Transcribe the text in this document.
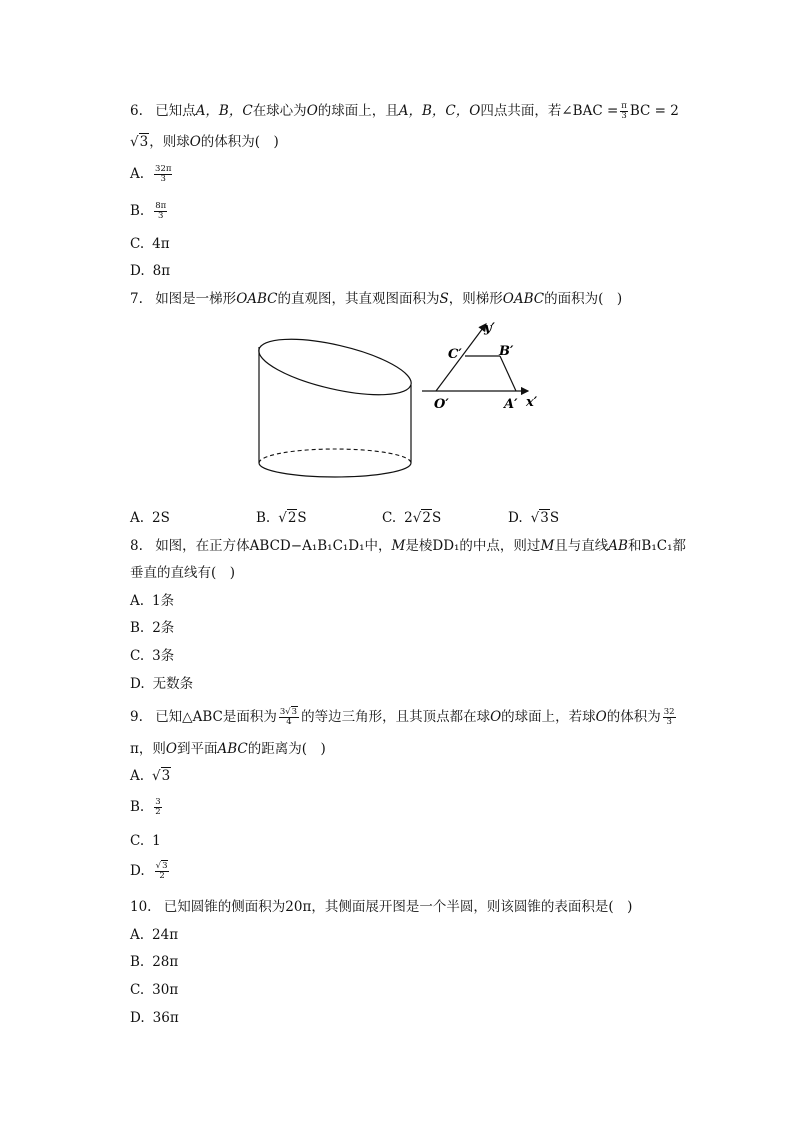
6. 已知点A，B，C在球心为O的球面上，且A，B，C，O四点共面，若∠BAC = $\frac{\pi}{3}$ BC = 2
√3，则球O的体积为(　)
A. $\frac{32\pi}{3}$
B. $\frac{8\pi}{3}$
C. 4π
D. 8π
7. 如图是一梯形OABC的直观图，其直观图面积为S，则梯形OABC的面积为(　)
y′
x′
C′	B′
O′	A′
A. 2S	B. √2S	C. 2√2S	D. √3S
8. 如图，在正方体ABCD−A₁B₁C₁D₁中，M是棱DD₁的中点，则过M且与直线AB和B₁C₁都
垂直的直线有(　)
A. 1条
B. 2条
C. 3条
D. 无数条
9. 已知△ABC是面积为 $\frac{3√3}{4}$ 的等边三角形，且其顶点都在球O的球面上，若球O的体积为 $\frac{32}{3}$
π，则O到平面ABC的距离为(　)
A. √3
B. $\frac{3}{2}$
C. 1
D. $\frac{√3}{2}$
10. 已知圆锥的侧面积为20π，其侧面展开图是一个半圆，则该圆锥的表面积是(　)
A. 24π
B. 28π
C. 30π
D. 36π
